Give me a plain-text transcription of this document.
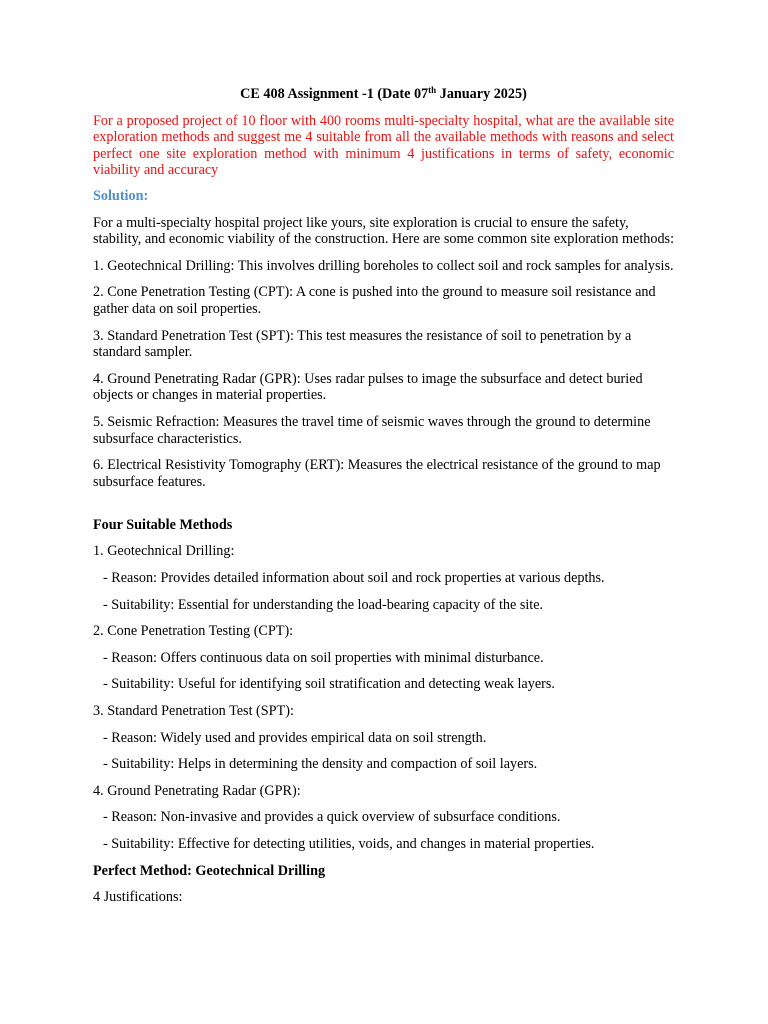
CE 408 Assignment -1 (Date 07th January 2025)

For a proposed project of 10 floor with 400 rooms multi-specialty hospital, what are the available site exploration methods and suggest me 4 suitable from all the available methods with reasons and select perfect one site exploration method with minimum 4 justifications in terms of safety, economic viability and accuracy

Solution:

For a multi-specialty hospital project like yours, site exploration is crucial to ensure the safety, stability, and economic viability of the construction. Here are some common site exploration methods:

1. Geotechnical Drilling: This involves drilling boreholes to collect soil and rock samples for analysis.

2. Cone Penetration Testing (CPT): A cone is pushed into the ground to measure soil resistance and gather data on soil properties.

3. Standard Penetration Test (SPT): This test measures the resistance of soil to penetration by a standard sampler.

4. Ground Penetrating Radar (GPR): Uses radar pulses to image the subsurface and detect buried objects or changes in material properties.

5. Seismic Refraction: Measures the travel time of seismic waves through the ground to determine subsurface characteristics.

6. Electrical Resistivity Tomography (ERT): Measures the electrical resistance of the ground to map subsurface features.

Four Suitable Methods

1. Geotechnical Drilling:

- Reason: Provides detailed information about soil and rock properties at various depths.

- Suitability: Essential for understanding the load-bearing capacity of the site.

2. Cone Penetration Testing (CPT):

- Reason: Offers continuous data on soil properties with minimal disturbance.

- Suitability: Useful for identifying soil stratification and detecting weak layers.

3. Standard Penetration Test (SPT):

- Reason: Widely used and provides empirical data on soil strength.

- Suitability: Helps in determining the density and compaction of soil layers.

4. Ground Penetrating Radar (GPR):

- Reason: Non-invasive and provides a quick overview of subsurface conditions.

- Suitability: Effective for detecting utilities, voids, and changes in material properties.

Perfect Method: Geotechnical Drilling

4 Justifications:
